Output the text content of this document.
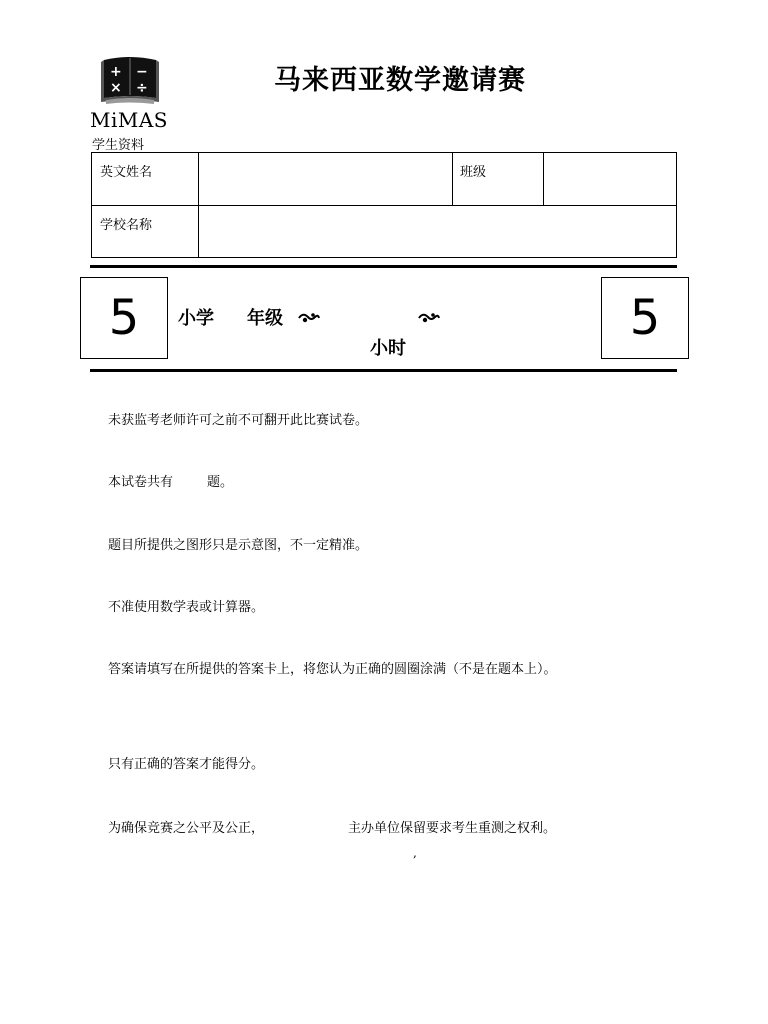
+ −
× ÷
MiMAS
马来西亚数学邀请赛
学生资料
英文姓名	班级
学校名称
5	5
小学 年级
小时
未获监考老师许可之前不可翻开此比赛试卷。
本试卷共有	题。
题目所提供之图形只是示意图，不一定精准。
不准使用数学表或计算器。
答案请填写在所提供的答案卡上，将您认为正确的圆圈涂满（不是在题本上）。
只有正确的答案才能得分。
为确保竞赛之公平及公正，	主办单位保留要求考生重测之权利。
,
